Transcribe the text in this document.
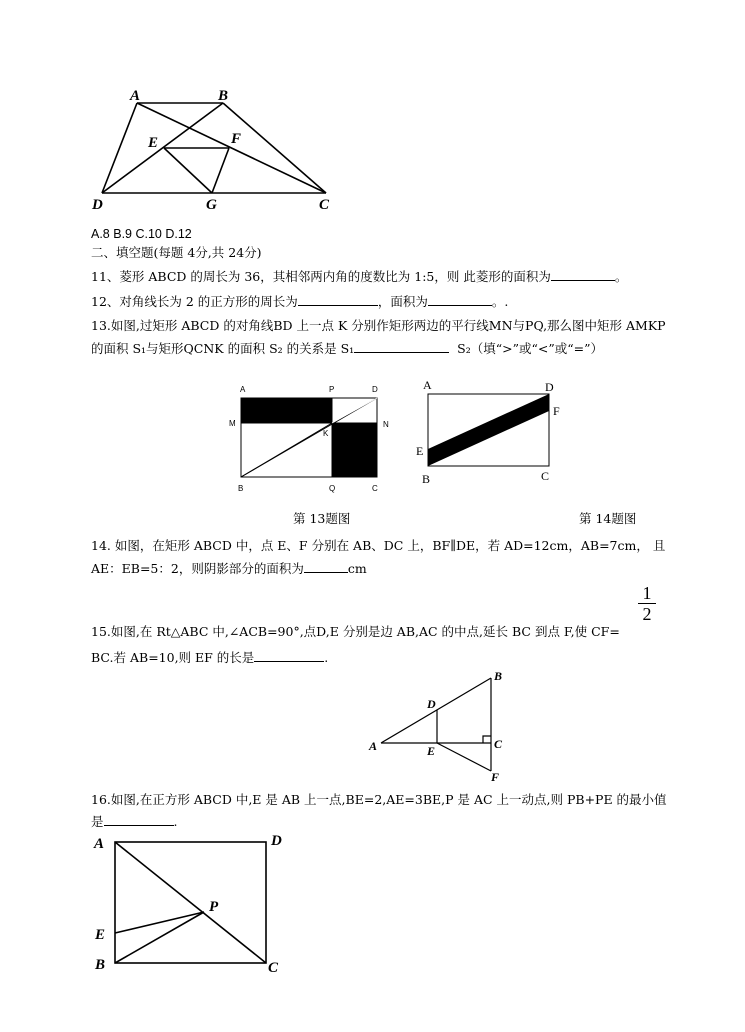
A	B
E	F
D	G	C
A.8 B.9 C.10 D.12
二、填空题(每题 4分,共 24分)
11、菱形 ABCD 的周长为 36，其相邻两内角的度数比为 1:5，则 此菱形的面积为	。
12、对角线长为 2 的正方形的周长为	，面积为	。.
13.如图,过矩形 ABCD 的对角线BD 上一点 K 分别作矩形两边的平行线MN与PQ,那么图中矩形 AMKP
的面积 S₁与矩形QCNK 的面积 S₂ 的关系是 S₁	S₂（填“>”或“<”或“=”）
A	P	D
M	N
K
B	Q	C
A	D
F
E
B	C
第 13题图	第 14题图
14. 如图，在矩形 ABCD 中，点 E、F 分别在 AB、DC 上，BF∥DE，若 AD=12cm，AB=7cm， 且
AE：EB=5：2，则阴影部分的面积为	cm
$\frac{1}{2}$
15.如图,在 Rt△ABC 中,∠ACB=90°,点D,E 分别是边 AB,AC 的中点,延长 BC 到点 F,使 CF=
BC.若 AB=10,则 EF 的长是	.
B
D
A	E	C
F
16.如图,在正方形 ABCD 中,E 是 AB 上一点,BE=2,AE=3BE,P 是 AC 上一动点,则 PB+PE 的最小值
是	.
A	D
P
E
B	C
